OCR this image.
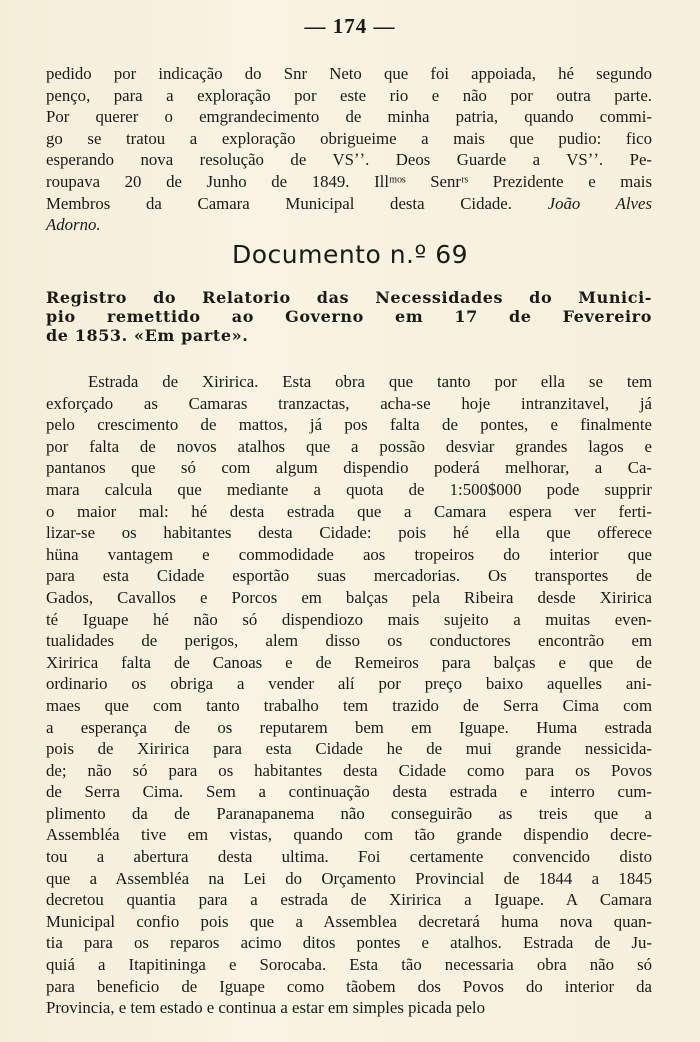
— 174 —
pedido por indicação do Snr Neto que foi appoiada, hé segundo
penço, para a exploração por este rio e não por outra parte.
Por querer o emgrandecimento de minha patria, quando commi-
go se tratou a exploração obrigueime a mais que pudio: fico
esperando nova resolução de VSʼʼ. Deos Guarde a VSʼʼ. Pe-
roupava 20 de Junho de 1849. Illᵐᵒˢ Senrʳˢ Prezidente e mais
Membros da Camara Municipal desta Cidade. João Alves
Adorno.
Documento n.º 69
Registro do Relatorio das Necessidades do Munici-
pio remettido ao Governo em 17 de Fevereiro
de 1853. «Em parte».
Estrada de Xiririca. Esta obra que tanto por ella se tem
exforçado as Camaras tranzactas, acha-se hoje intranzitavel, já
pelo crescimento de mattos, já pos falta de pontes, e finalmente
por falta de novos atalhos que a possão desviar grandes lagos e
pantanos que só com algum dispendio poderá melhorar, a Ca-
mara calcula que mediante a quota de 1:500$000 pode supprir
o maior mal: hé desta estrada que a Camara espera ver ferti-
lizar-se os habitantes desta Cidade: pois hé ella que offerece
hüna vantagem e commodidade aos tropeiros do interior que
para esta Cidade esportão suas mercadorias. Os transportes de
Gados, Cavallos e Porcos em balças pela Ribeira desde Xiririca
té Iguape hé não só dispendiozo mais sujeito a muitas even-
tualidades de perigos, alem disso os conductores encontrão em
Xiririca falta de Canoas e de Remeiros para balças e que de
ordinario os obriga a vender alí por preço baixo aquelles ani-
maes que com tanto trabalho tem trazido de Serra Cima com
a esperança de os reputarem bem em Iguape. Huma estrada
pois de Xiririca para esta Cidade he de mui grande nessicida-
de; não só para os habitantes desta Cidade como para os Povos
de Serra Cima. Sem a continuação desta estrada e interro cum-
plimento da de Paranapanema não conseguirão as treis que a
Assembléa tive em vistas, quando com tão grande dispendio decre-
tou a abertura desta ultima. Foi certamente convencido disto
que a Assembléa na Lei do Orçamento Provincial de 1844 a 1845
decretou quantia para a estrada de Xiririca a Iguape. A Camara
Municipal confio pois que a Assemblea decretará huma nova quan-
tia para os reparos acimo ditos pontes e atalhos. Estrada de Ju-
quiá a Itapitininga e Sorocaba. Esta tão necessaria obra não só
para beneficio de Iguape como tãobem dos Povos do interior da
Provincia, e tem estado e continua a estar em simples picada pelo
